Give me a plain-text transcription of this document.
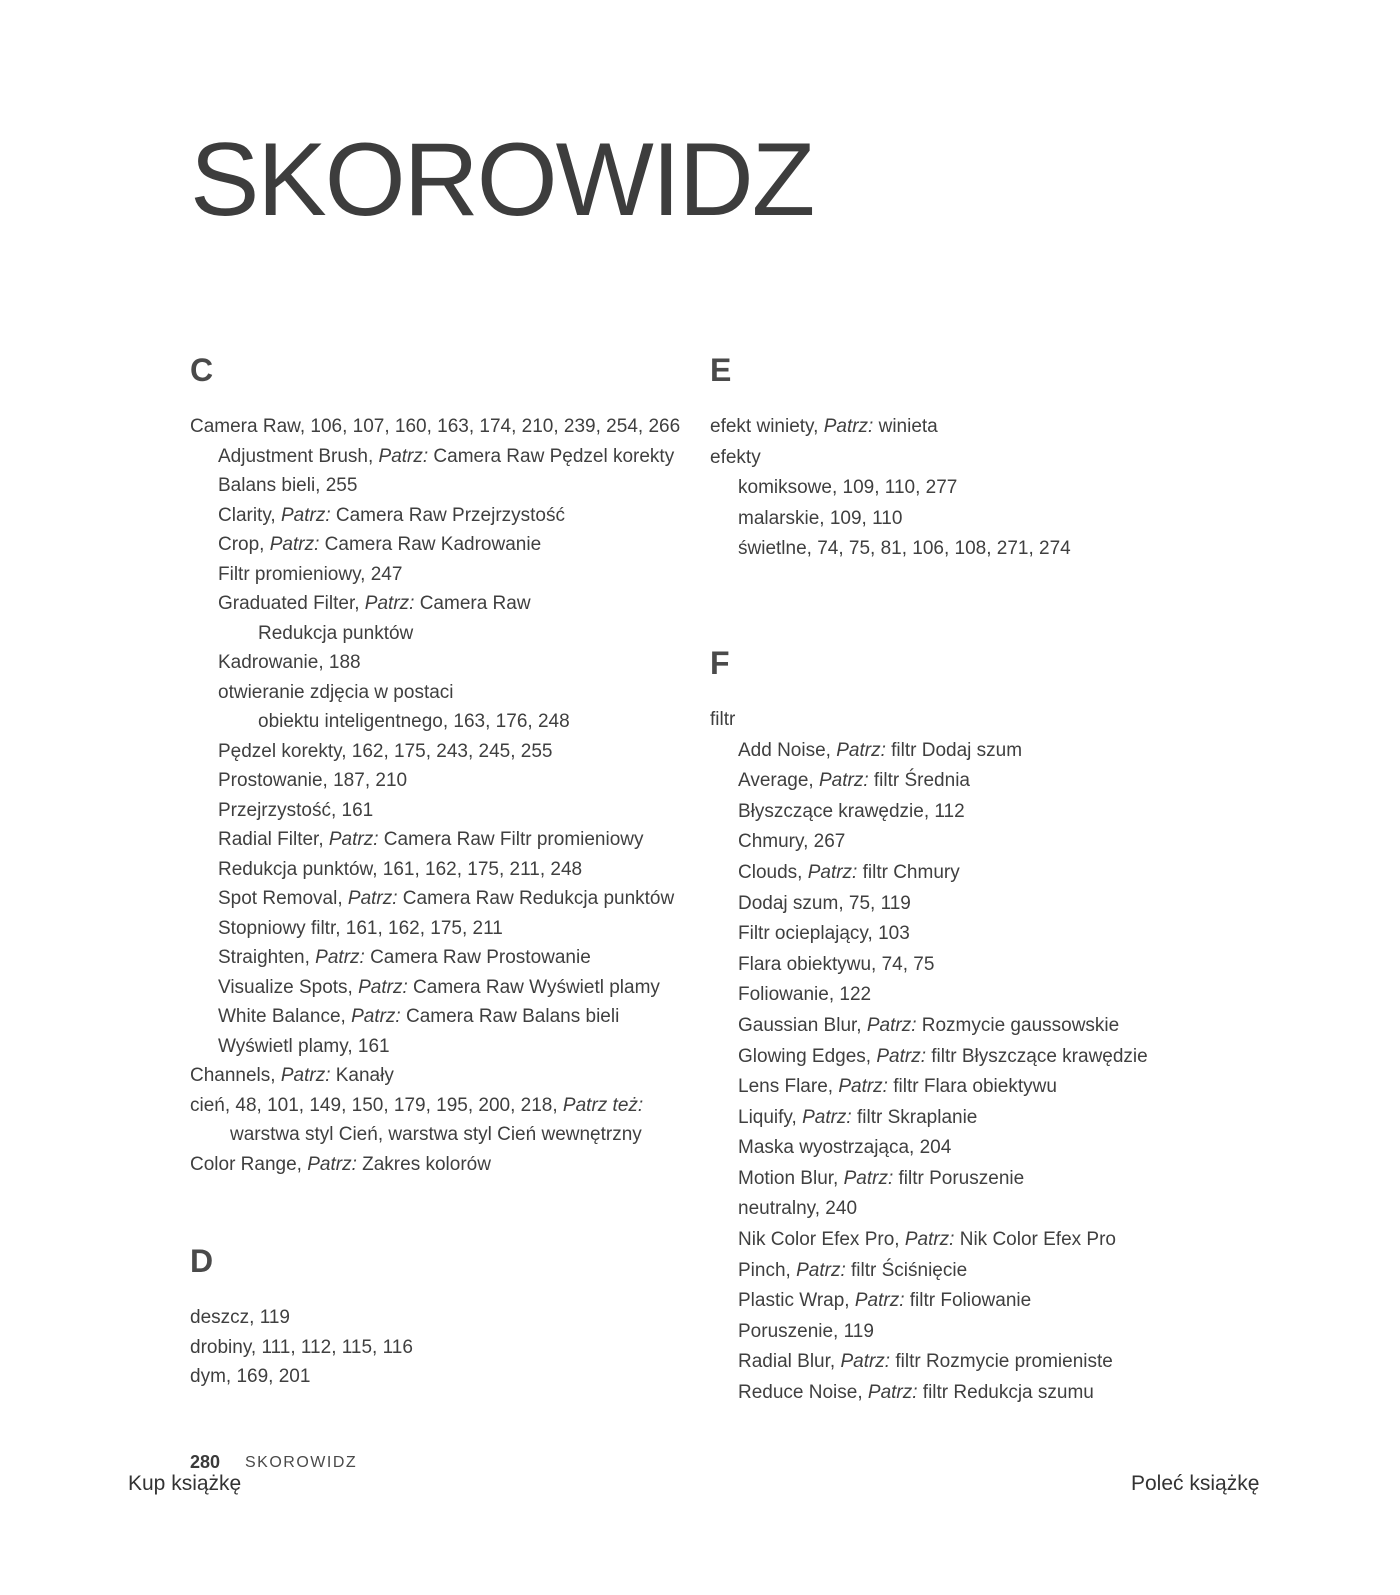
SKOROWIDZ
C
Camera Raw, 106, 107, 160, 163, 174, 210, 239, 254, 266
Adjustment Brush, Patrz: Camera Raw Pędzel korekty
Balans bieli, 255
Clarity, Patrz: Camera Raw Przejrzystość
Crop, Patrz: Camera Raw Kadrowanie
Filtr promieniowy, 247
Graduated Filter, Patrz: Camera Raw
Redukcja punktów
Kadrowanie, 188
otwieranie zdjęcia w postaci
obiektu inteligentnego, 163, 176, 248
Pędzel korekty, 162, 175, 243, 245, 255
Prostowanie, 187, 210
Przejrzystość, 161
Radial Filter, Patrz: Camera Raw Filtr promieniowy
Redukcja punktów, 161, 162, 175, 211, 248
Spot Removal, Patrz: Camera Raw Redukcja punktów
Stopniowy filtr, 161, 162, 175, 211
Straighten, Patrz: Camera Raw Prostowanie
Visualize Spots, Patrz: Camera Raw Wyświetl plamy
White Balance, Patrz: Camera Raw Balans bieli
Wyświetl plamy, 161
Channels, Patrz: Kanały
cień, 48, 101, 149, 150, 179, 195, 200, 218, Patrz też:
warstwa styl Cień, warstwa styl Cień wewnętrzny
Color Range, Patrz: Zakres kolorów
D
deszcz, 119
drobiny, 111, 112, 115, 116
dym, 169, 201
E
efekt winiety, Patrz: winieta
efekty
komiksowe, 109, 110, 277
malarskie, 109, 110
świetlne, 74, 75, 81, 106, 108, 271, 274
F
filtr
Add Noise, Patrz: filtr Dodaj szum
Average, Patrz: filtr Średnia
Błyszczące krawędzie, 112
Chmury, 267
Clouds, Patrz: filtr Chmury
Dodaj szum, 75, 119
Filtr ocieplający, 103
Flara obiektywu, 74, 75
Foliowanie, 122
Gaussian Blur, Patrz: Rozmycie gaussowskie
Glowing Edges, Patrz: filtr Błyszczące krawędzie
Lens Flare, Patrz: filtr Flara obiektywu
Liquify, Patrz: filtr Skraplanie
Maska wyostrzająca, 204
Motion Blur, Patrz: filtr Poruszenie
neutralny, 240
Nik Color Efex Pro, Patrz: Nik Color Efex Pro
Pinch, Patrz: filtr Ściśnięcie
Plastic Wrap, Patrz: filtr Foliowanie
Poruszenie, 119
Radial Blur, Patrz: filtr Rozmycie promieniste
Reduce Noise, Patrz: filtr Redukcja szumu
280 SKOROWIDZ
Kup książkę	Poleć książkę
